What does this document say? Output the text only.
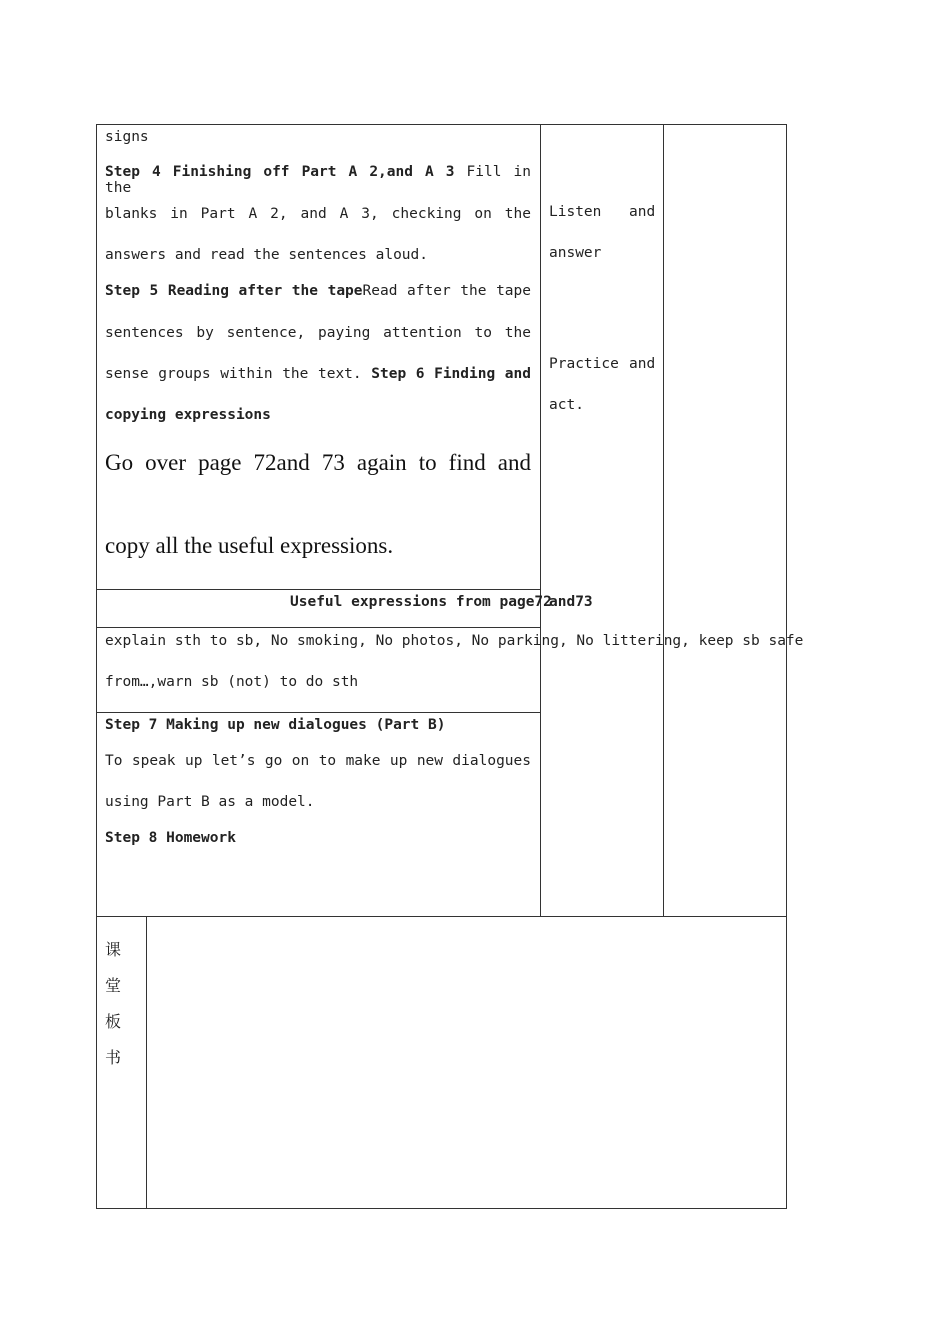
signs
Step 4 Finishing off Part A 2,and A 3 Fill in the
blanks in Part A 2, and A 3, checking on the
answers and read the sentences aloud.
Step 5 Reading after the tapeRead after the tape
sentences by sentence, paying attention to the
sense groups within the text. Step 6 Finding and
copying expressions
Go over page 72and 73 again to find and
copy all the useful expressions.
Listen and
answer
Practice and
act.
Useful expressions from page72
and73
explain sth to sb, No smoking, No photos, No parking, No littering, keep sb safe
from…,warn sb (not) to do sth
Step 7 Making up new dialogues (Part B)
To speak up let’s go on to make up new dialogues
using Part B as a model.
Step 8 Homework
课
堂
板
书
